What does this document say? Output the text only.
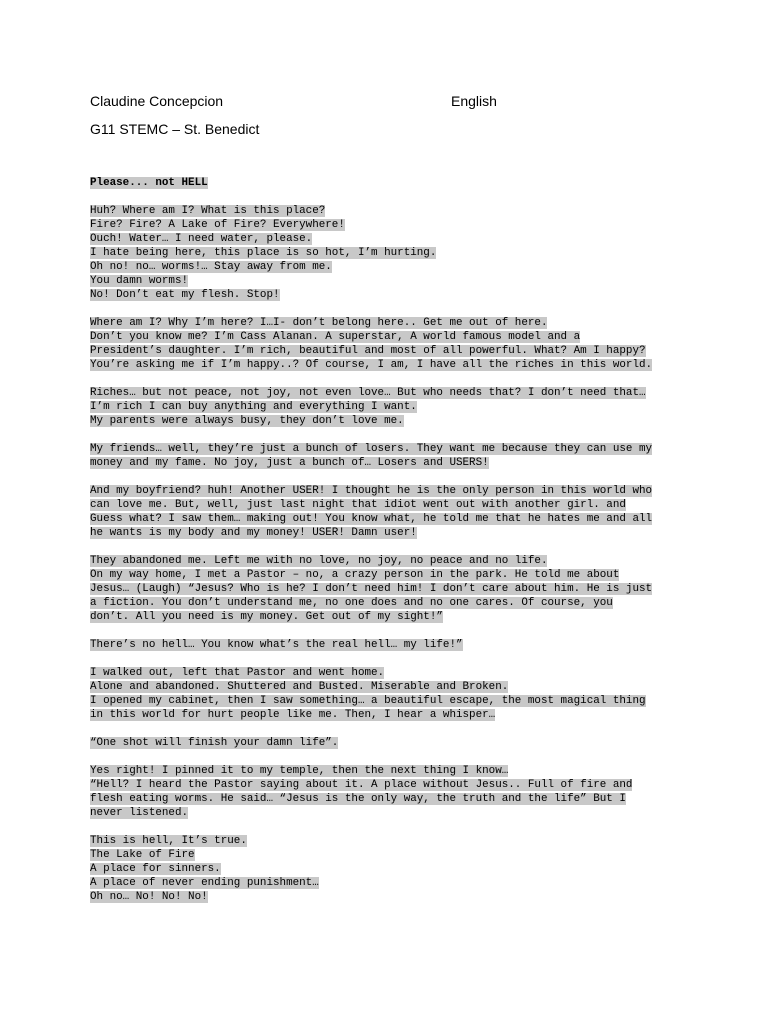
Claudine Concepcion	English
G11 STEMC – St. Benedict
Please... not HELL
Huh? Where am I? What is this place?
Fire? Fire? A Lake of Fire? Everywhere!
Ouch! Water… I need water, please.
I hate being here, this place is so hot, I’m hurting.
Oh no! no… worms!… Stay away from me.
You damn worms!
No! Don’t eat my flesh. Stop!
Where am I? Why I’m here? I…I- don’t belong here.. Get me out of here.
Don’t you know me? I’m Cass Alanan. A superstar, A world famous model and a
President’s daughter. I’m rich, beautiful and most of all powerful. What? Am I happy?
You’re asking me if I’m happy..? Of course, I am, I have all the riches in this world.
Riches… but not peace, not joy, not even love… But who needs that? I don’t need that…
I’m rich I can buy anything and everything I want.
My parents were always busy, they don’t love me.
My friends… well, they’re just a bunch of losers. They want me because they can use my
money and my fame. No joy, just a bunch of… Losers and USERS!
And my boyfriend? huh! Another USER! I thought he is the only person in this world who
can love me. But, well, just last night that idiot went out with another girl. and
Guess what? I saw them… making out! You know what, he told me that he hates me and all
he wants is my body and my money! USER! Damn user!
They abandoned me. Left me with no love, no joy, no peace and no life.
On my way home, I met a Pastor – no, a crazy person in the park. He told me about
Jesus… (Laugh) “Jesus? Who is he? I don’t need him! I don’t care about him. He is just
a fiction. You don’t understand me, no one does and no one cares. Of course, you
don’t. All you need is my money. Get out of my sight!”
There’s no hell… You know what’s the real hell… my life!”
I walked out, left that Pastor and went home.
Alone and abandoned. Shuttered and Busted. Miserable and Broken.
I opened my cabinet, then I saw something… a beautiful escape, the most magical thing
in this world for hurt people like me. Then, I hear a whisper…
“One shot will finish your damn life”.
Yes right! I pinned it to my temple, then the next thing I know…
“Hell? I heard the Pastor saying about it. A place without Jesus.. Full of fire and
flesh eating worms. He said… “Jesus is the only way, the truth and the life” But I
never listened.
This is hell, It’s true.
The Lake of Fire
A place for sinners.
A place of never ending punishment…
Oh no… No! No! No!
